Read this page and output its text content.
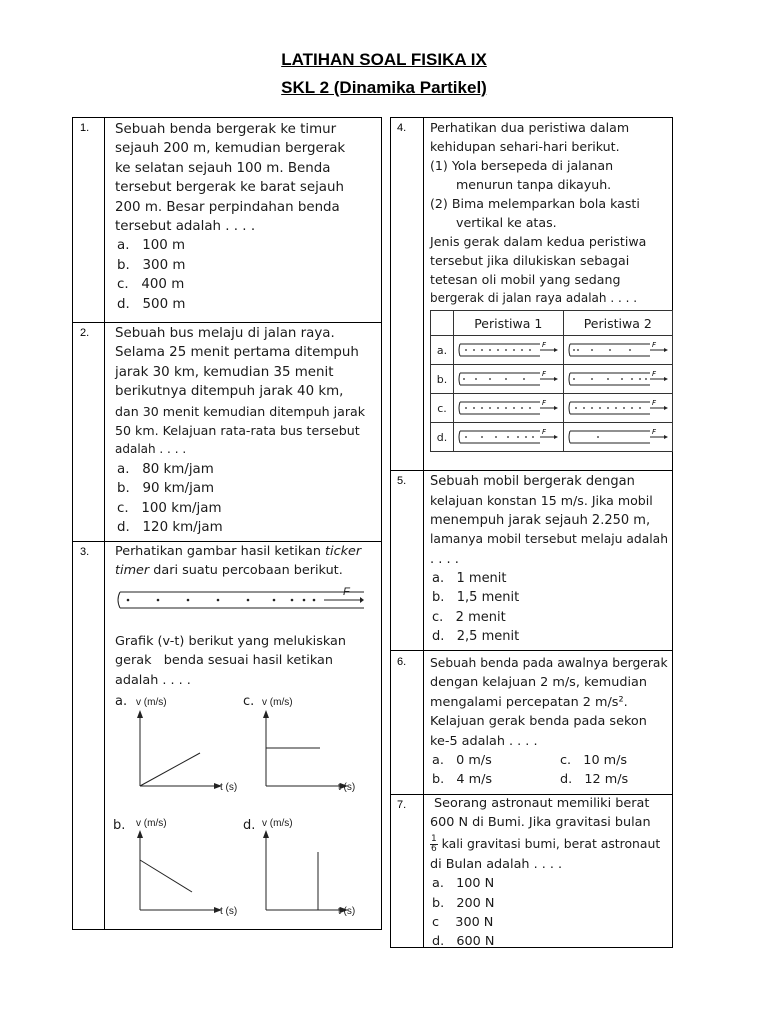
LATIHAN SOAL FISIKA IX
SKL 2 (Dinamika Partikel)
1. Sebuah benda bergerak ke timur
sejauh 200 m, kemudian bergerak
ke selatan sejauh 100 m. Benda
tersebut bergerak ke barat sejauh
200 m. Besar perpindahan benda
tersebut adalah . . . .
a.   100 m
b.   300 m
c.   400 m
d.   500 m
2. Sebuah bus melaju di jalan raya.
Selama 25 menit pertama ditempuh
jarak 30 km, kemudian 35 menit
berikutnya ditempuh jarak 40 km,
dan 30 menit kemudian ditempuh jarak
50 km. Kelajuan rata-rata bus tersebut
adalah . . . .
a.   80 km/jam
b.   90 km/jam
c.   100 km/jam
d.   120 km/jam
3. Perhatikan gambar hasil ketikan ticker
timer dari suatu percobaan berikut.
F
Grafik (v-t) berikut yang melukiskan
gerak   benda sesuai hasil ketikan
adalah . . . .
a. v (m/s)
t (s)
c. v (m/s)
t (s)
b. v (m/s)
t (s)
d. v (m/s)
t (s)
4. Perhatikan dua peristiwa dalam
kehidupan sehari-hari berikut.
(1) Yola bersepeda di jalanan
menurun tanpa dikayuh.
(2) Bima melemparkan bola kasti
vertikal ke atas.
Jenis gerak dalam kedua peristiwa
tersebut jika dilukiskan sebagai
tetesan oli mobil yang sedang
bergerak di jalan raya adalah . . . .
	Peristiwa 1	Peristiwa 2
a.	F	F

b.	F	F

c.	F	F

d.	F	F
5. Sebuah mobil bergerak dengan
kelajuan konstan 15 m/s. Jika mobil
menempuh jarak sejauh 2.250 m,
lamanya mobil tersebut melaju adalah
. . . .
a.   1 menit
b.   1,5 menit
c.   2 menit
d.   2,5 menit
6. Sebuah benda pada awalnya bergerak
dengan kelajuan 2 m/s, kemudian
mengalami percepatan 2 m/s².
Kelajuan gerak benda pada sekon
ke-5 adalah . . . .
a.   0 m/s	c.   10 m/s
b.   4 m/s	d.   12 m/s
7.	Seorang astronaut memiliki berat
600 N di Bumi. Jika gravitasi bulan
$\frac{1}{6}$ kali gravitasi bumi, berat astronaut
di Bulan adalah . . . .
a.   100 N
b.   200 N
c    300 N
d.   600 N
